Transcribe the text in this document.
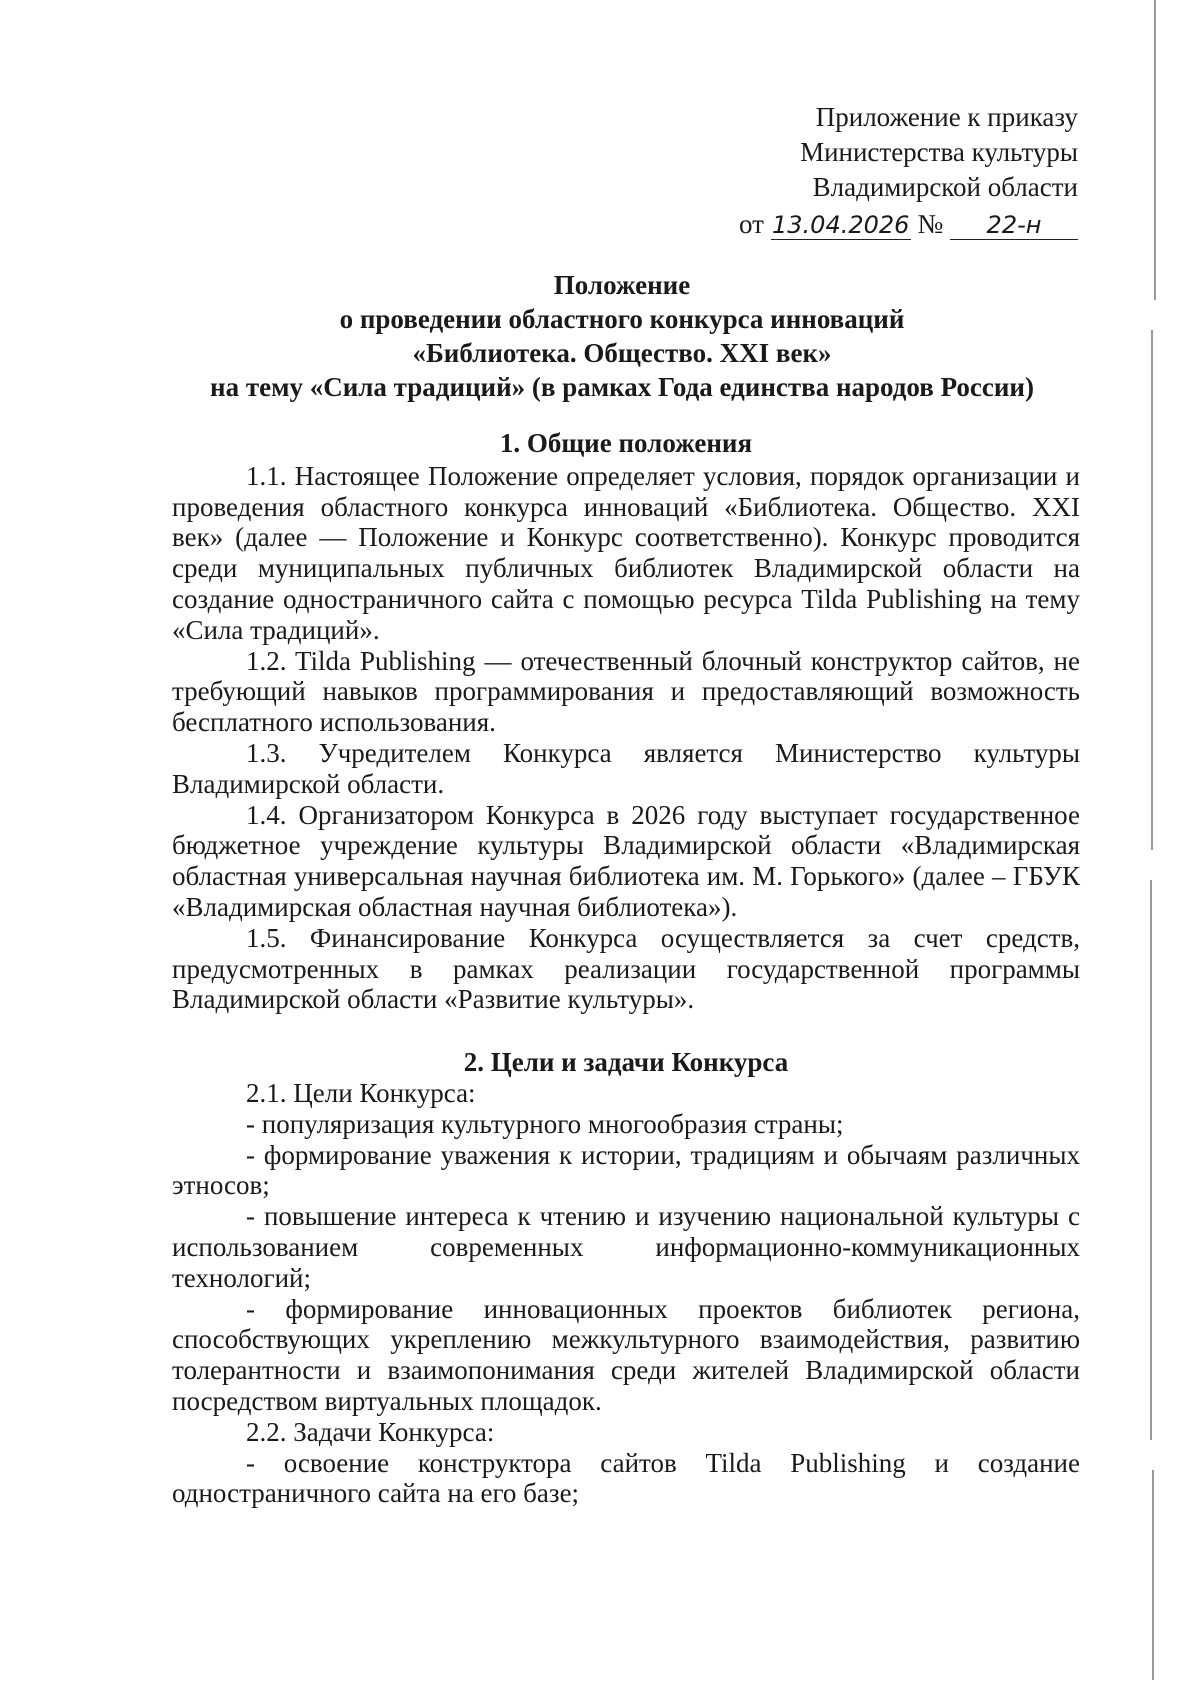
Приложение к приказу
Министерства культуры
Владимирской области
от 13.04.2026 № 22-н
Положение
о проведении областного конкурса инноваций
«Библиотека. Общество. XXI век»
на тему «Сила традиций» (в рамках Года единства народов России)
1. Общие положения

1.1. Настоящее Положение определяет условия, порядок организации и проведения областного конкурса инноваций «Библиотека. Общество. XXI век» (далее — Положение и Конкурс соответственно). Конкурс проводится среди муниципальных публичных библиотек Владимирской области на создание одностраничного сайта с помощью ресурса Tilda Publishing на тему «Сила традиций».

1.2. Tilda Publishing — отечественный блочный конструктор сайтов, не требующий навыков программирования и предоставляющий возможность бесплатного использования.

1.3. Учредителем Конкурса является Министерство культуры Владимирской области.

1.4. Организатором Конкурса в 2026 году выступает государственное бюджетное учреждение культуры Владимирской области «Владимирская областная универсальная научная библиотека им. М. Горького» (далее – ГБУК «Владимирская областная научная библиотека»).

1.5. Финансирование Конкурса осуществляется за счет средств, предусмотренных в рамках реализации государственной программы Владимирской области «Развитие культуры».

2. Цели и задачи Конкурса

2.1. Цели Конкурса:

- популяризация культурного многообразия страны;

- формирование уважения к истории, традициям и обычаям различных этносов;

- повышение интереса к чтению и изучению национальной культуры с использованием современных информационно-коммуникационных технологий;

- формирование инновационных проектов библиотек региона, способствующих укреплению межкультурного взаимодействия, развитию толерантности и взаимопонимания среди жителей Владимирской области посредством виртуальных площадок.

2.2. Задачи Конкурса:

- освоение конструктора сайтов Tilda Publishing и создание одностраничного сайта на его базе;
